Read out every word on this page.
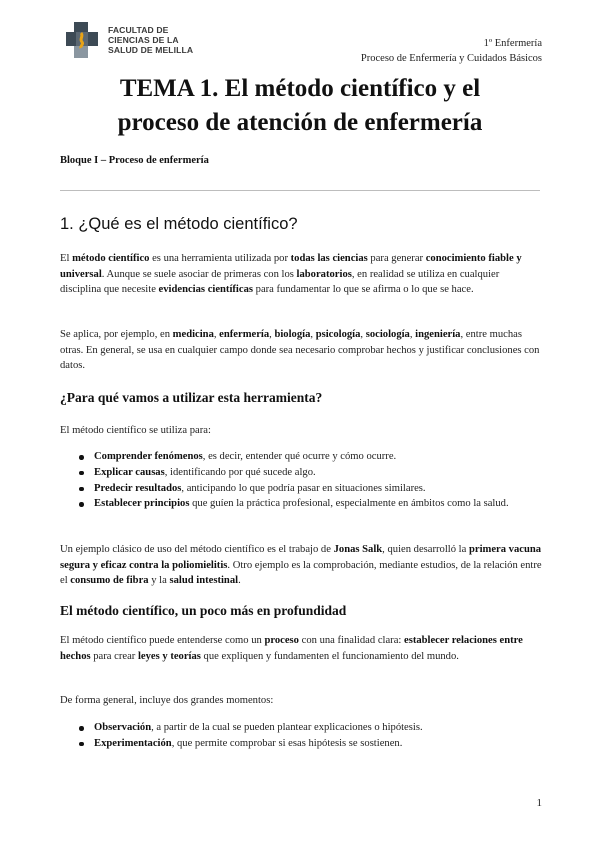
FACULTAD DE
CIENCIAS DE LA
SALUD DE MELILLA
1º Enfermería
Proceso de Enfermería y Cuidados Básicos
TEMA 1. El método científico y el
proceso de atención de enfermería
Bloque I – Proceso de enfermería
1. ¿Qué es el método científico?

El método científico es una herramienta utilizada por todas las ciencias para generar conocimiento fiable y universal. Aunque se suele asociar de primeras con los laboratorios, en realidad se utiliza en cualquier disciplina que necesite evidencias científicas para fundamentar lo que se afirma o lo que se hace.

Se aplica, por ejemplo, en medicina, enfermería, biología, psicología, sociología, ingeniería, entre muchas otras. En general, se usa en cualquier campo donde sea necesario comprobar hechos y justificar conclusiones con datos.

¿Para qué vamos a utilizar esta herramienta?

El método científico se utiliza para:

Comprender fenómenos, es decir, entender qué ocurre y cómo ocurre.
Explicar causas, identificando por qué sucede algo.
Predecir resultados, anticipando lo que podría pasar en situaciones similares.
Establecer principios que guíen la práctica profesional, especialmente en ámbitos como la salud.

Un ejemplo clásico de uso del método científico es el trabajo de Jonas Salk, quien desarrolló la primera vacuna segura y eficaz contra la poliomielitis. Otro ejemplo es la comprobación, mediante estudios, de la relación entre el consumo de fibra y la salud intestinal.

El método científico, un poco más en profundidad

El método científico puede entenderse como un proceso con una finalidad clara: establecer relaciones entre hechos para crear leyes y teorías que expliquen y fundamenten el funcionamiento del mundo.

De forma general, incluye dos grandes momentos:

Observación, a partir de la cual se pueden plantear explicaciones o hipótesis.
Experimentación, que permite comprobar si esas hipótesis se sostienen.
1
